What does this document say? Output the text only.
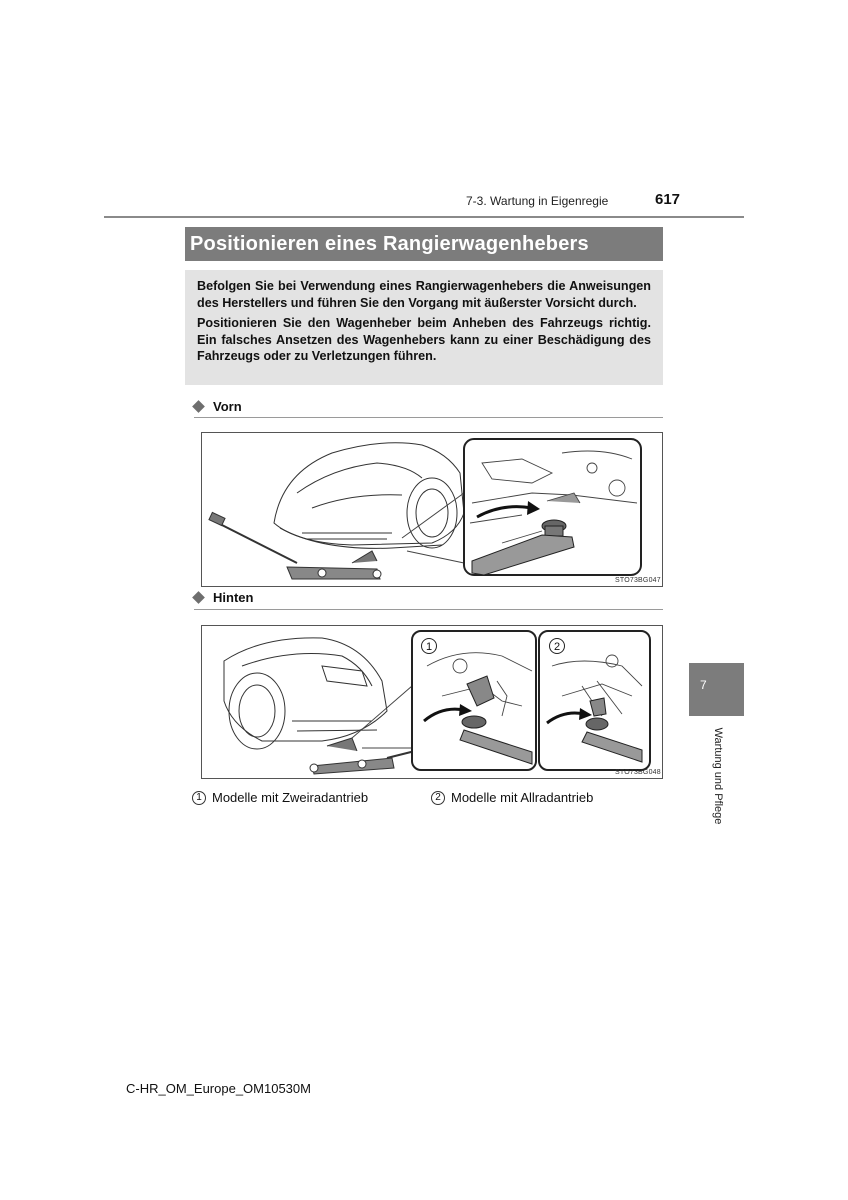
7-3. Wartung in Eigenregie	617
Positionieren eines Rangierwagenhebers

Befolgen Sie bei Verwendung eines Rangierwagenhebers die Anweisungen des Herstellers und führen Sie den Vorgang mit äußerster Vorsicht durch.

Positionieren Sie den Wagenheber beim Anheben des Fahrzeugs richtig. Ein falsches Ansetzen des Wagenhebers kann zu einer Beschädigung des Fahrzeugs oder zu Verletzungen führen.

Vorn
STO73BG047
Hinten
1	2
STO73BG048
1 Modelle mit Zweiradantrieb	2 Modelle mit Allradantrieb
7
Wartung und Pflege
C-HR_OM_Europe_OM10530M
